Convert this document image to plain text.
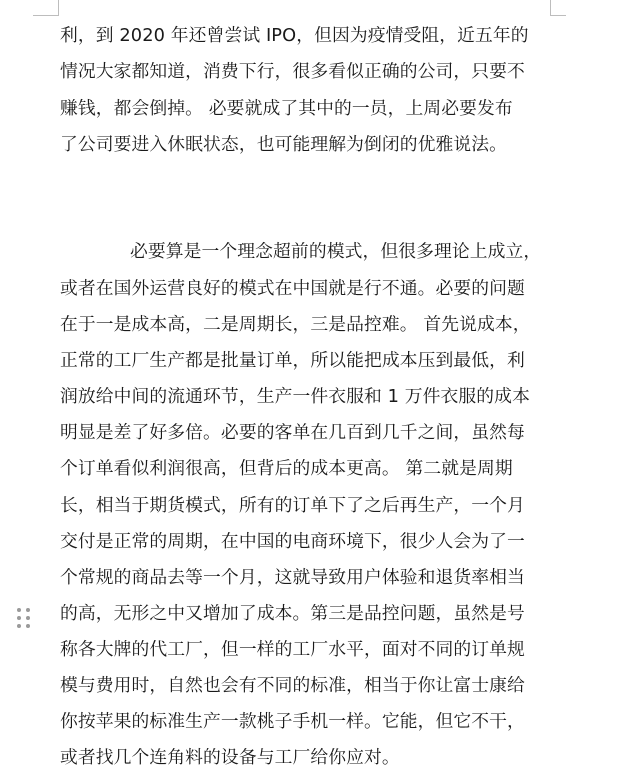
利，到 2020 年还曾尝试 IPO，但因为疫情受阻，近五年的
情况大家都知道，消费下行，很多看似正确的公司，只要不
赚钱，都会倒掉。 必要就成了其中的一员，上周必要发布
了公司要进入休眠状态，也可能理解为倒闭的优雅说法。
必要算是一个理念超前的模式，但很多理论上成立，
或者在国外运营良好的模式在中国就是行不通。必要的问题
在于一是成本高，二是周期长，三是品控难。 首先说成本，
正常的工厂生产都是批量订单，所以能把成本压到最低，利
润放给中间的流通环节，生产一件衣服和 1 万件衣服的成本
明显是差了好多倍。必要的客单在几百到几千之间，虽然每
个订单看似利润很高，但背后的成本更高。 第二就是周期
长，相当于期货模式，所有的订单下了之后再生产，一个月
交付是正常的周期，在中国的电商环境下，很少人会为了一
个常规的商品去等一个月，这就导致用户体验和退货率相当
的高，无形之中又增加了成本。第三是品控问题，虽然是号
称各大牌的代工厂，但一样的工厂水平，面对不同的订单规
模与费用时，自然也会有不同的标准，相当于你让富士康给
你按苹果的标准生产一款桃子手机一样。它能，但它不干，
或者找几个连角料的设备与工厂给你应对。
